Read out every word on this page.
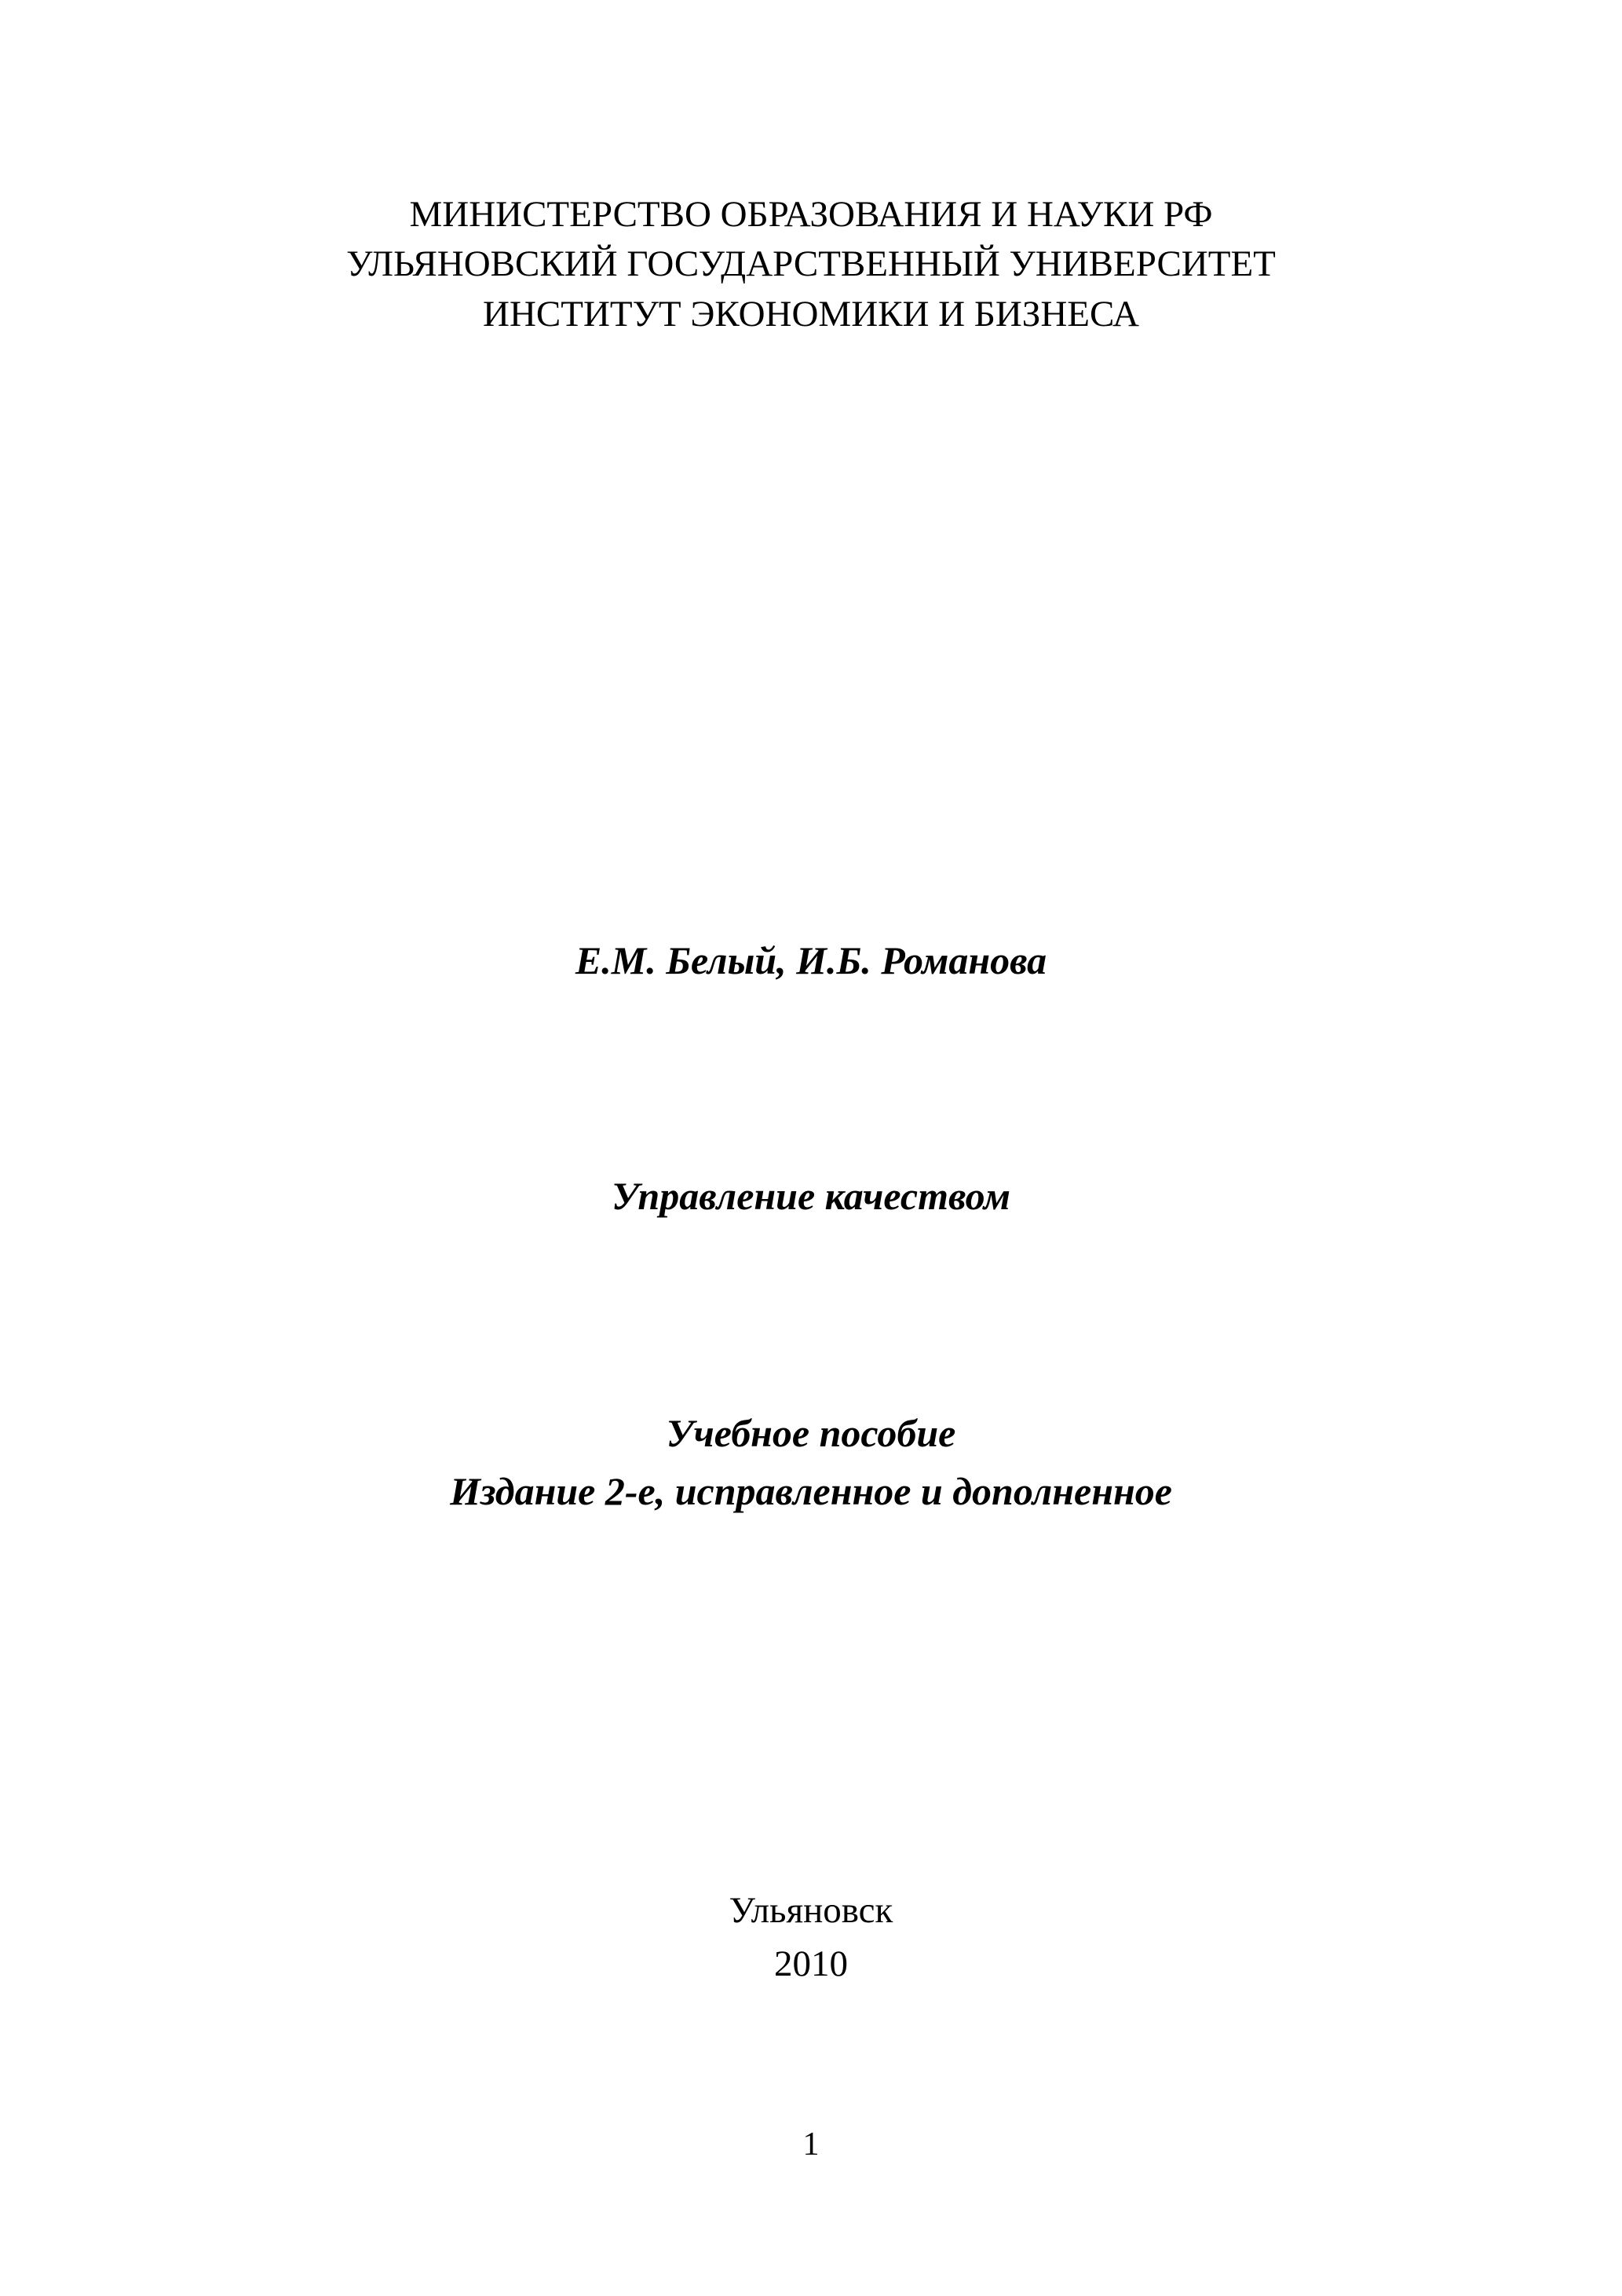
МИНИСТЕРСТВО ОБРАЗОВАНИЯ И НАУКИ РФ
УЛЬЯНОВСКИЙ ГОСУДАРСТВЕННЫЙ УНИВЕРСИТЕТ
ИНСТИТУТ ЭКОНОМИКИ И БИЗНЕСА
Е.М. Белый, И.Б. Романова
Управление качеством
Учебное пособие
Издание 2-е, исправленное и дополненное
Ульяновск
2010
1
